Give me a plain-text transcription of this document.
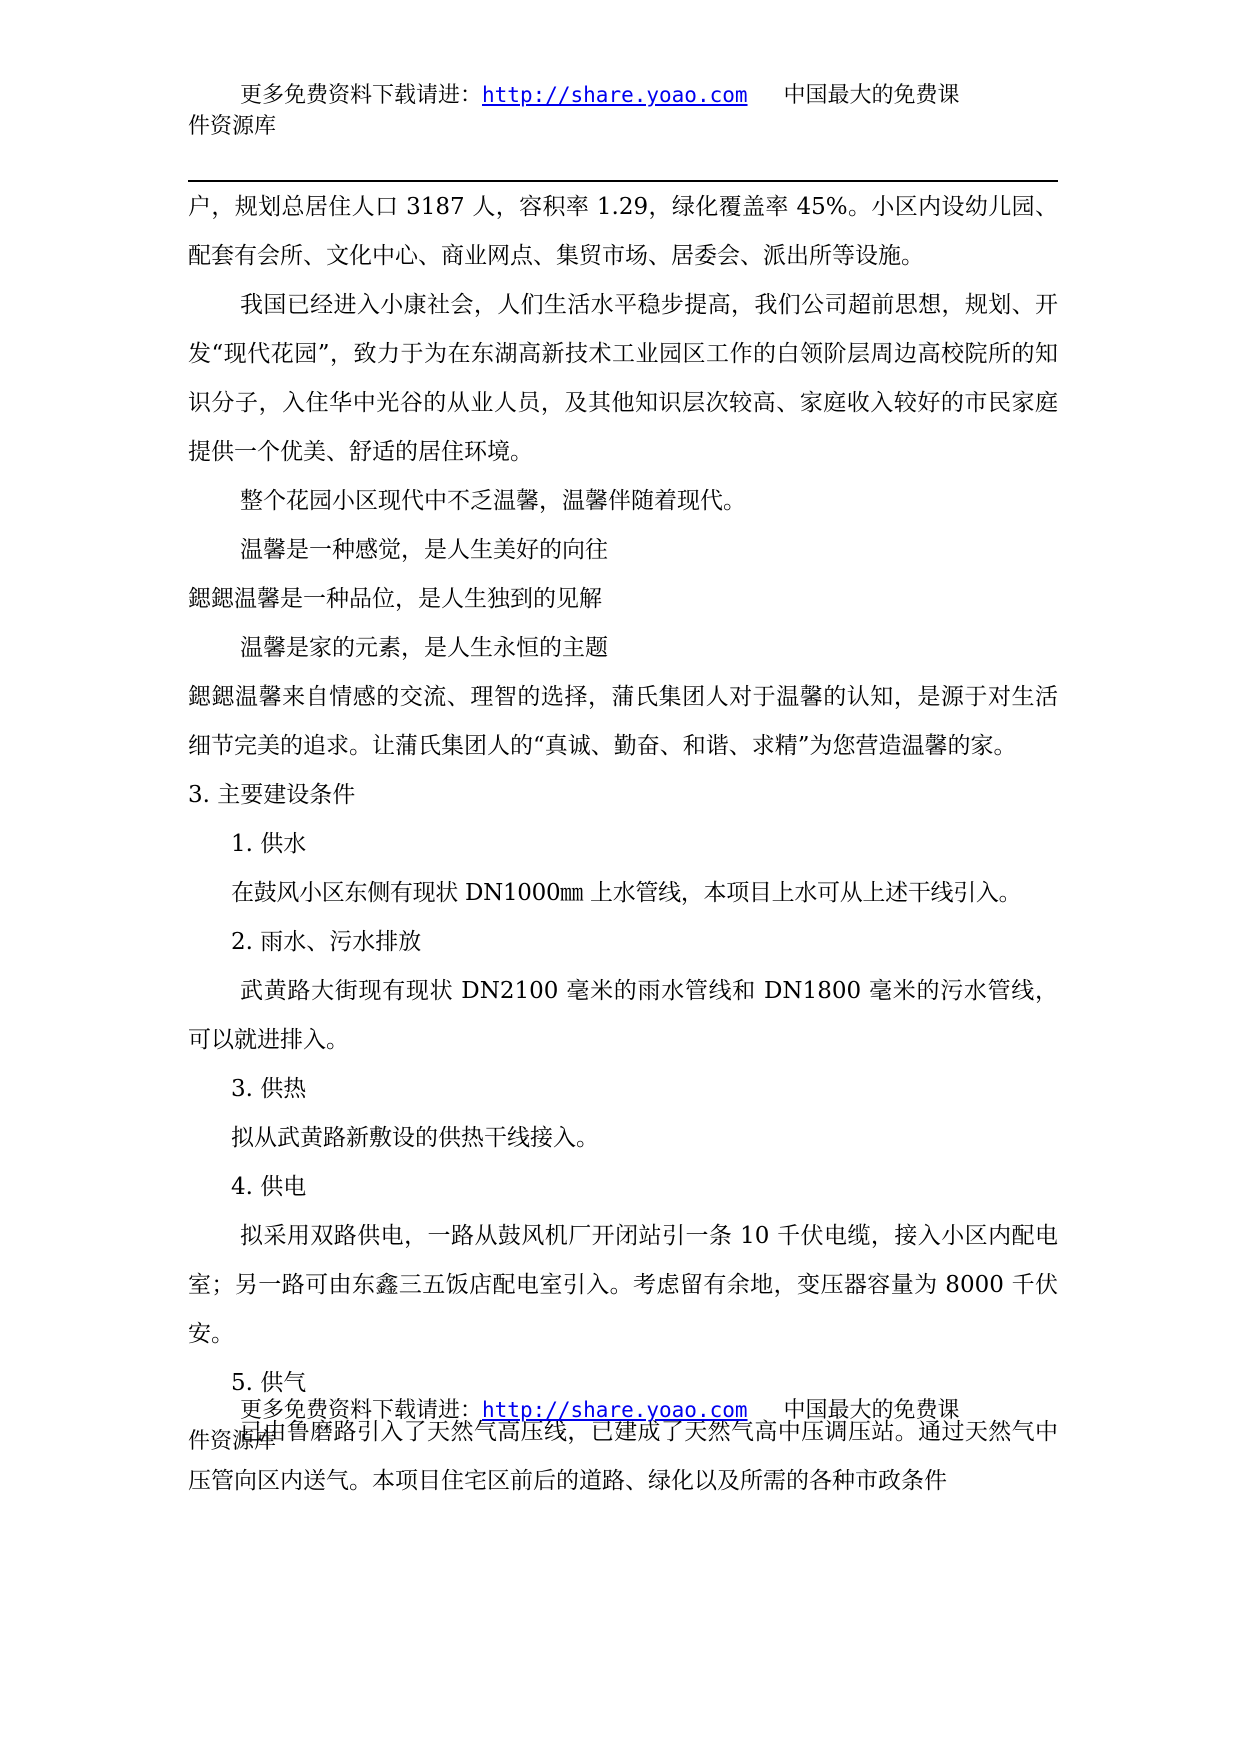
更多免费资料下载请进：http://share.yoao.com 中国最大的免费课
件资源库

户，规划总居住人口 3187 人，容积率 1.29，绿化覆盖率 45%。小区内设幼儿园、配套有会所、文化中心、商业网点、集贸市场、居委会、派出所等设施。

我国已经进入小康社会，人们生活水平稳步提高，我们公司超前思想，规划、开发“现代花园”，致力于为在东湖高新技术工业园区工作的白领阶层周边高校院所的知识分子，入住华中光谷的从业人员，及其他知识层次较高、家庭收入较好的市民家庭提供一个优美、舒适的居住环境。

整个花园小区现代中不乏温馨，温馨伴随着现代。

温馨是一种感觉，是人生美好的向往

鍶鍶温馨是一种品位，是人生独到的见解

温馨是家的元素，是人生永恒的主题

鍶鍶温馨来自情感的交流、理智的选择，蒲氏集团人对于温馨的认知，是源于对生活细节完美的追求。让蒲氏集团人的“真诚、勤奋、和谐、求精”为您营造温馨的家。

3. 主要建设条件

1. 供水

在鼓风小区东侧有现状 DN1000㎜ 上水管线，本项目上水可从上述干线引入。

2. 雨水、污水排放

武黄路大街现有现状 DN2100 毫米的雨水管线和 DN1800 毫米的污水管线，可以就进排入。

3. 供热

拟从武黄路新敷设的供热干线接入。

4. 供电

拟采用双路供电，一路从鼓风机厂开闭站引一条 10 千伏电缆，接入小区内配电室；另一路可由东鑫三五饭店配电室引入。考虑留有余地，变压器容量为 8000 千伏安。

5. 供气

已由鲁磨路引入了天然气高压线，已建成了天然气高中压调压站。通过天然气中压管向区内送气。本项目住宅区前后的道路、绿化以及所需的各种市政条件

更多免费资料下载请进：http://share.yoao.com 中国最大的免费课
件资源库
